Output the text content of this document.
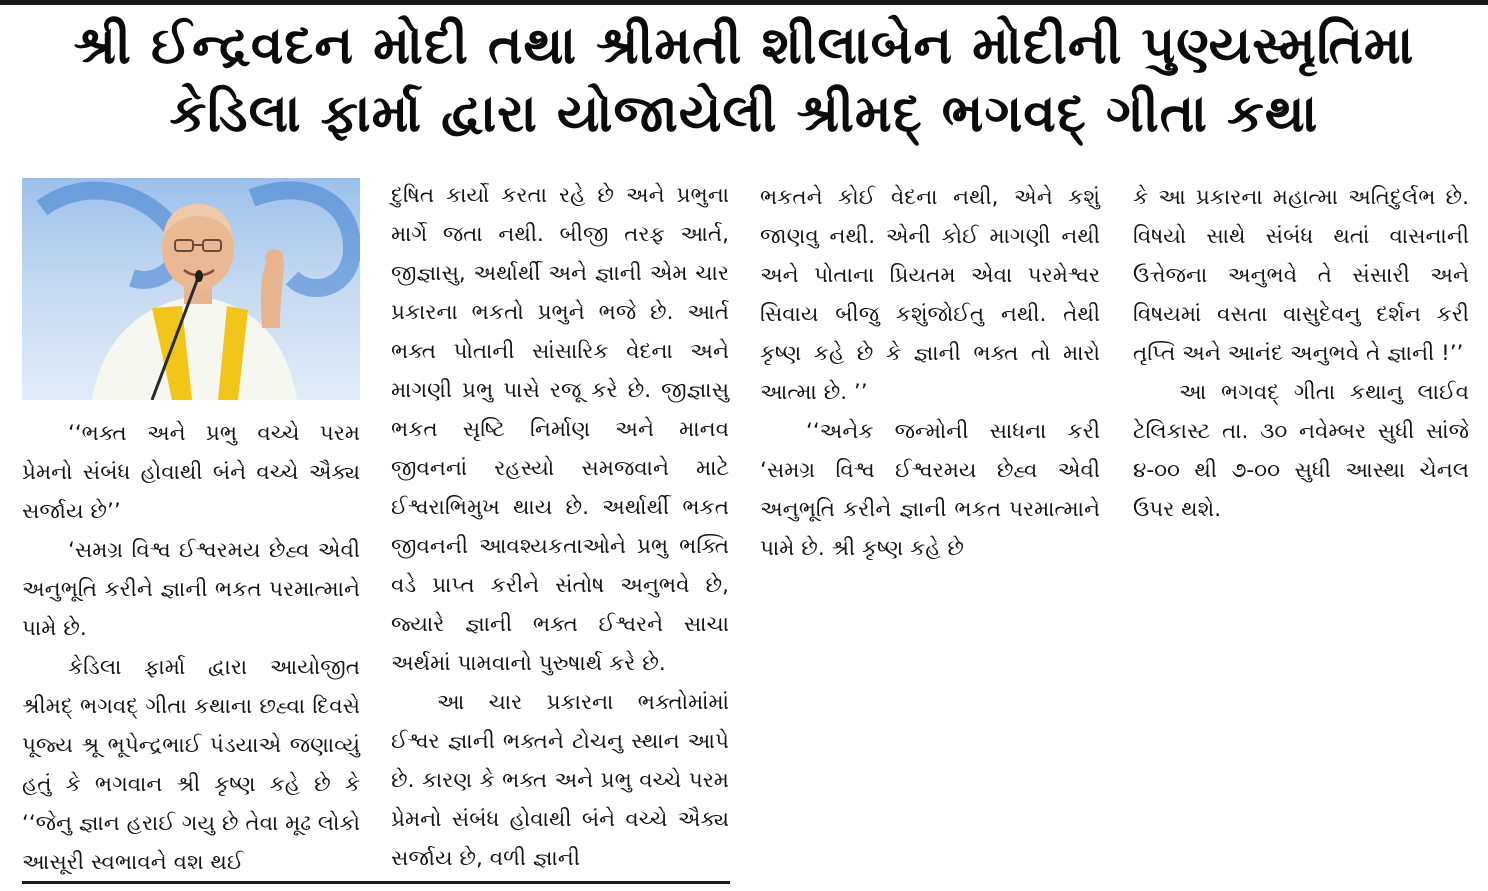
શ્રી ઈન્દ્રવદન મોદી તથા શ્રીમતી શીલાબેન મોદીની પુણ્યસ્મૃતિમા
કેડિલા ફાર્મા દ્વારા યોજાયેલી શ્રીમદ્ ભગવદ્ ગીતા કથા

‘‘ભક્ત અને પ્રભુ વચ્ચે પરમ પ્રેમનો સંબંધ હોવાથી બંને વચ્ચે ઐક્ય સર્જાય છે’’

‘સમગ્ર વિશ્વ ઈશ્વરમય છેહ્વ એવી અનુભૂતિ કરીને જ્ઞાની ભકત પરમાત્માને પામે છે.

કેડિલા ફાર્મા દ્વારા આયોજીત શ્રીમદ્ ભગવદ્ ગીતા કથાના છહ્વા દિવસે પૂજ્ય શ્રૂ ભૂપેન્દ્રભાઈ પંડયાએ જણાવ્યું હતું કે ભગવાન શ્રી કૃષ્ણ કહે છે કે ‘‘જેનુ જ્ઞાન હરાઈ ગયુ છે તેવા મૂઢ લોકો આસૂરી સ્વભાવને વશ થઈ

દુષિત કાર્યો કરતા રહે છે અને પ્રભુના માર્ગે જતા નથી. બીજી તરફ આર્ત, જીજ્ઞાસુ, અર્થાર્થી અને જ્ઞાની એમ ચાર પ્રકારના ભકતો પ્રભુને ભજે છે. આર્ત ભક્ત પોતાની સાંસારિક વેદના અને માગણી પ્રભુ પાસે રજૂ કરે છે. જીજ્ઞાસુ ભકત સૃષ્ટિ નિર્માણ અને માનવ જીવનનાં રહસ્યો સમજવાને માટે ઈશ્વરાભિમુખ થાય છે. અર્થાર્થી ભકત જીવનની આવશ્યકતાઓને પ્રભુ ભક્તિ વડે પ્રાપ્ત કરીને સંતોષ અનુભવે છે, જ્યારે જ્ઞાની ભક્ત ઈશ્વરને સાચા અર્થમાં પામવાનો પુરુષાર્થ કરે છે.

આ ચાર પ્રકારના ભક્તોમાંમાં ઈશ્વર જ્ઞાની ભક્તને ટોચનુ સ્થાન આપે છે. કારણ કે ભક્ત અને પ્રભુ વચ્ચે પરમ પ્રેમનો સંબંધ હોવાથી બંને વચ્ચે ઐક્ય સર્જાય છે, વળી જ્ઞાની

ભકતને કોઈ વેદના નથી, એને કશું જાણવુ નથી. એની કોઈ માગણી નથી અને પોતાના પ્રિયતમ એવા પરમેશ્વર સિવાય બીજુ કશુંજોઈતુ નથી. તેથી કૃષ્ણ કહે છે કે જ્ઞાની ભક્ત તો મારો આત્મા છે. ’’

‘‘અનેક જન્મોની સાધના કરી ‘સમગ્ર વિશ્વ ઈશ્વરમય છેહ્વ એવી અનુભૂતિ કરીને જ્ઞાની ભકત પરમાત્માને પામે છે. શ્રી કૃષ્ણ કહે છે

કે આ પ્રકારના મહાત્મા અતિદુર્લભ છે. વિષયો સાથે સંબંધ થતાં વાસનાની ઉત્તેજના અનુભવે તે સંસારી અને વિષયમાં વસતા વાસુદેવનુ દર્શન કરી તૃપ્તિ અને આનંદ અનુભવે તે જ્ઞાની !’’

આ ભગવદ્ ગીતા કથાનુ લાઈવ ટેલિકાસ્ટ તા. ૩૦ નવેમ્બર સુધી સાંજે ૪-૦૦ થી ૭-૦૦ સુધી આસ્થા ચેનલ ઉપર થશે.
